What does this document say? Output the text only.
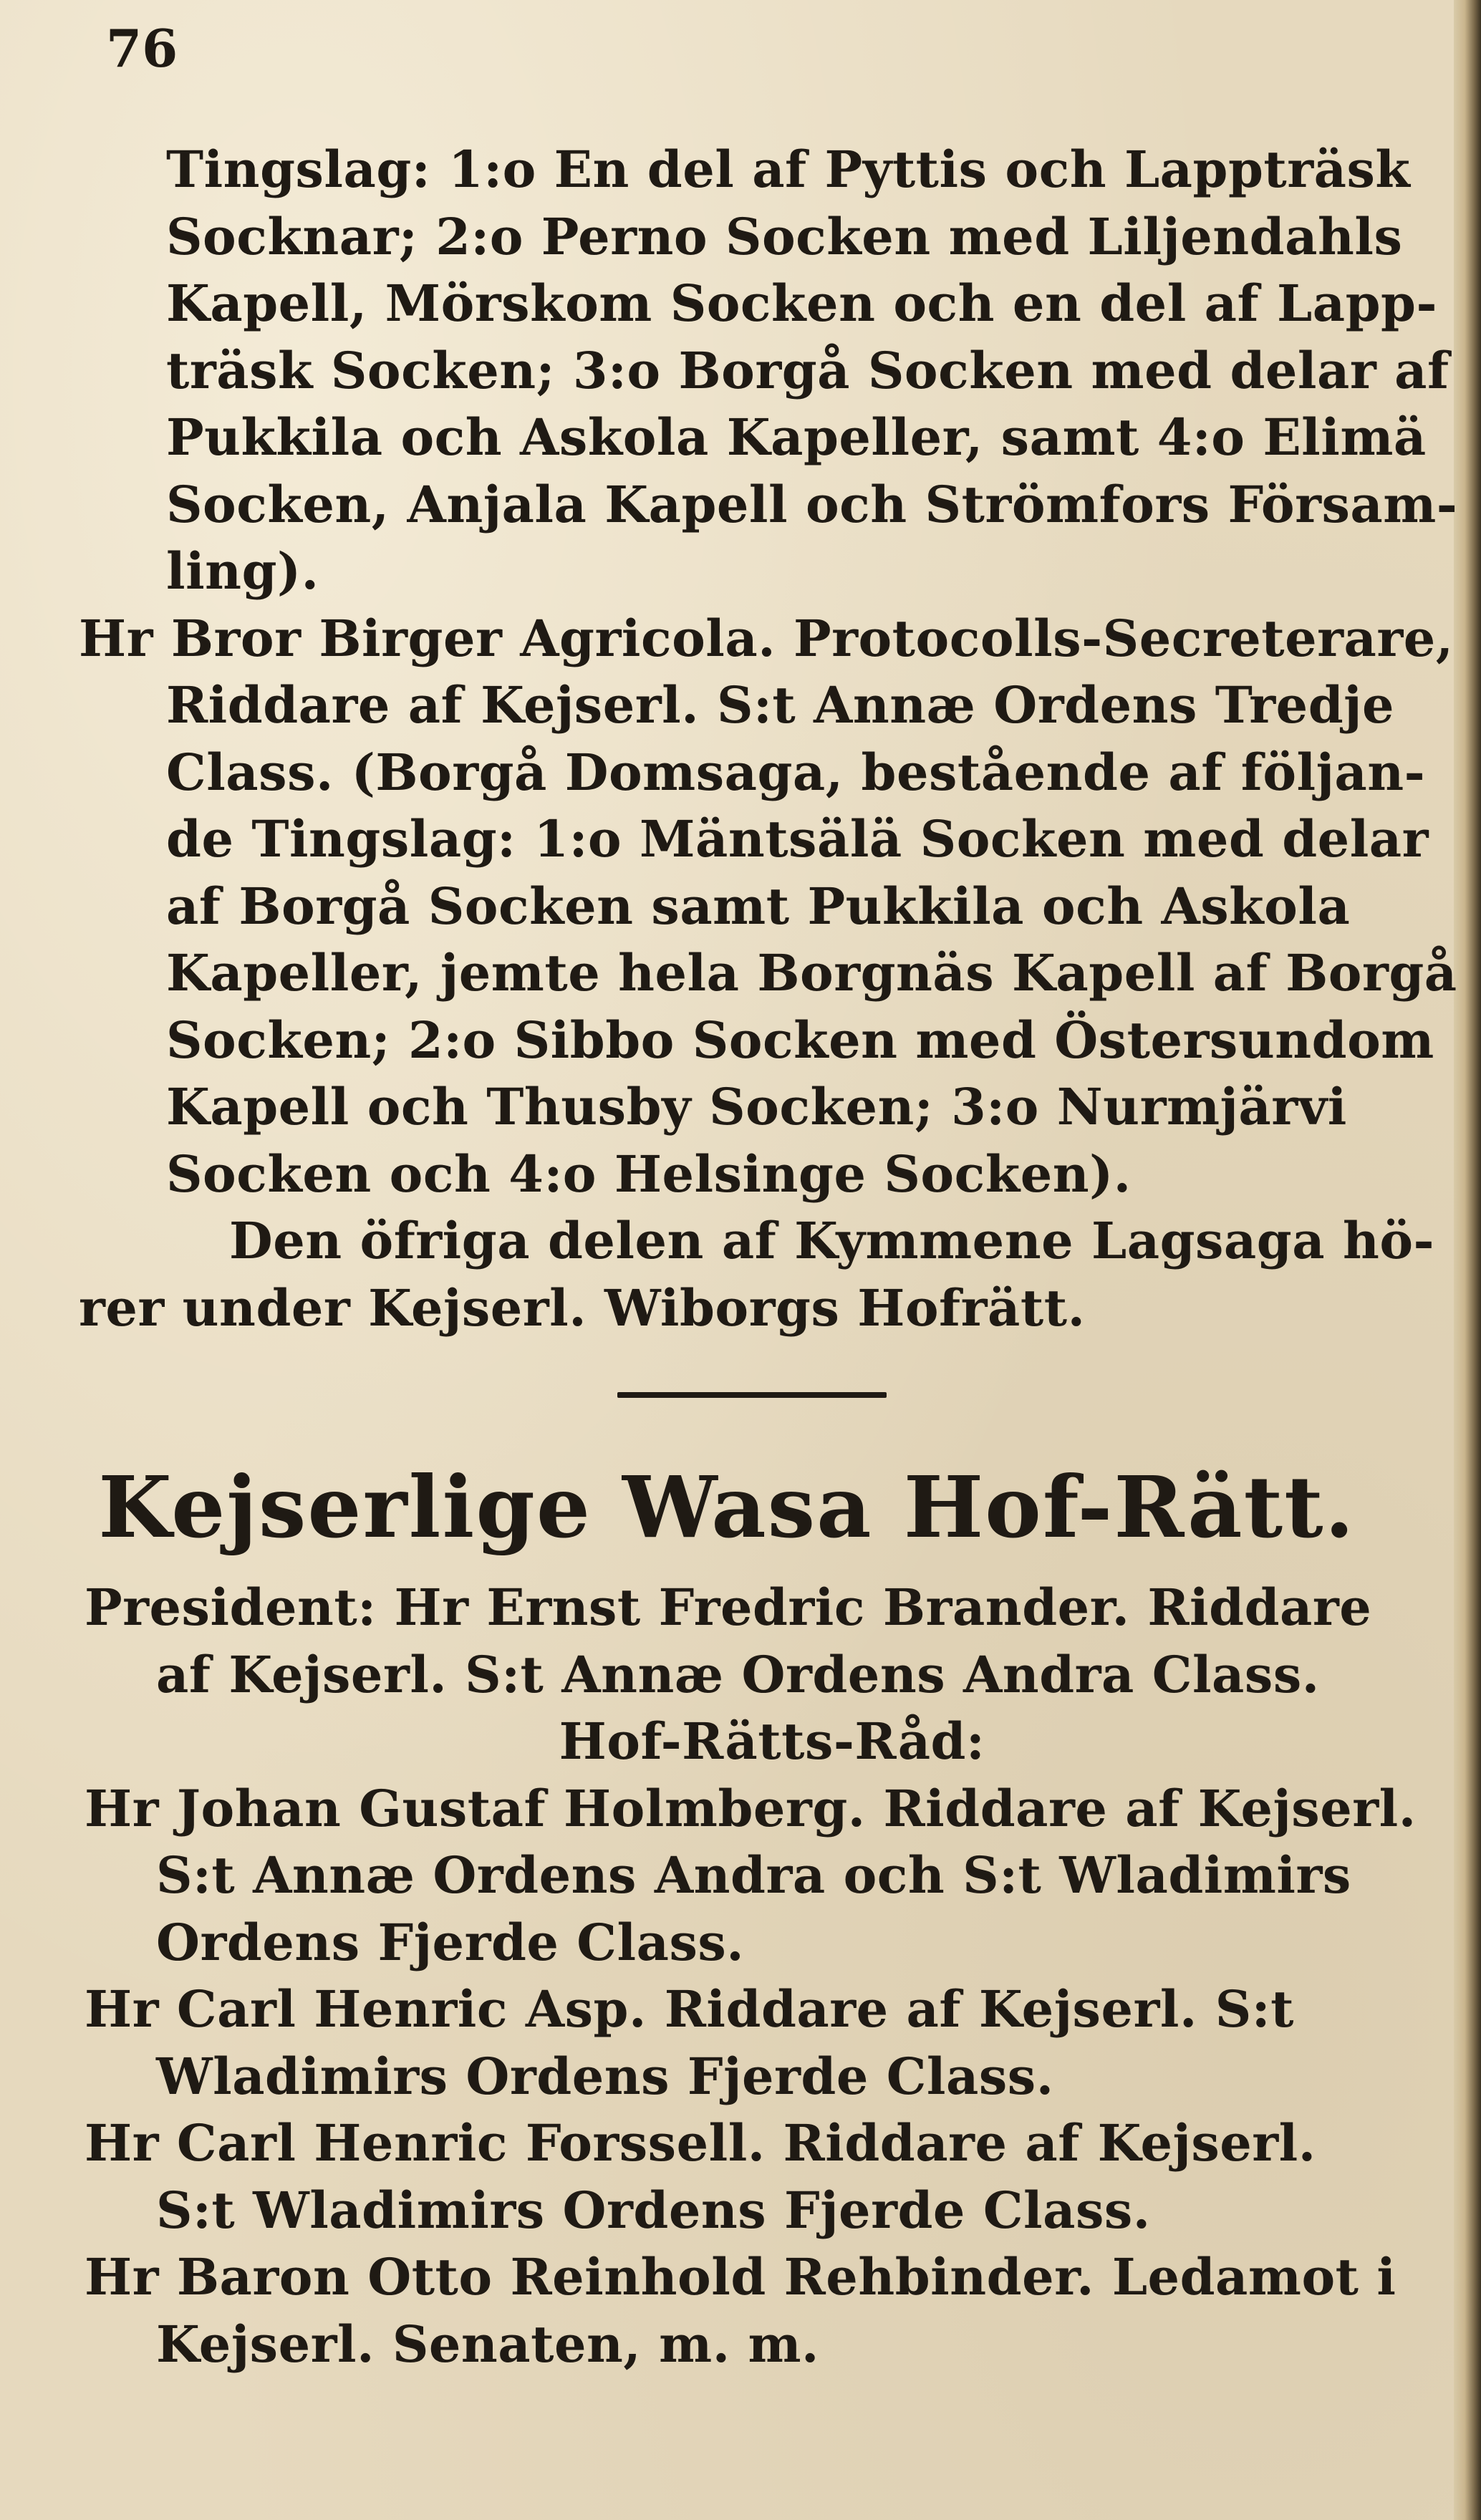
76
Tingslag: 1:o En del af Pyttis och Lappträsk
Socknar; 2:o Perno Socken med Liljendahls
Kapell, Mörskom Socken och en del af Lapp-
träsk Socken; 3:o Borgå Socken med delar af
Pukkila och Askola Kapeller, samt 4:o Elimä
Socken, Anjala Kapell och Strömfors Försam-
ling).
Hr Bror Birger Agricola. Protocolls-Secreterare,
Riddare af Kejserl. S:t Annæ Ordens Tredje
Class. (Borgå Domsaga, bestående af följan-
de Tingslag: 1:o Mäntsälä Socken med delar
af Borgå Socken samt Pukkila och Askola
Kapeller, jemte hela Borgnäs Kapell af Borgå
Socken; 2:o Sibbo Socken med Östersundom
Kapell och Thusby Socken; 3:o Nurmjärvi
Socken och 4:o Helsinge Socken).
Den öfriga delen af Kymmene Lagsaga hö-
rer under Kejserl. Wiborgs Hofrätt.
Kejserlige Wasa Hof-Rätt.
President: Hr Ernst Fredric Brander. Riddare
af Kejserl. S:t Annæ Ordens Andra Class.
Hof-Rätts-Råd:
Hr Johan Gustaf Holmberg. Riddare af Kejserl.
S:t Annæ Ordens Andra och S:t Wladimirs
Ordens Fjerde Class.
Hr Carl Henric Asp. Riddare af Kejserl. S:t
Wladimirs Ordens Fjerde Class.
Hr Carl Henric Forssell. Riddare af Kejserl.
S:t Wladimirs Ordens Fjerde Class.
Hr Baron Otto Reinhold Rehbinder. Ledamot i
Kejserl. Senaten, m. m.
